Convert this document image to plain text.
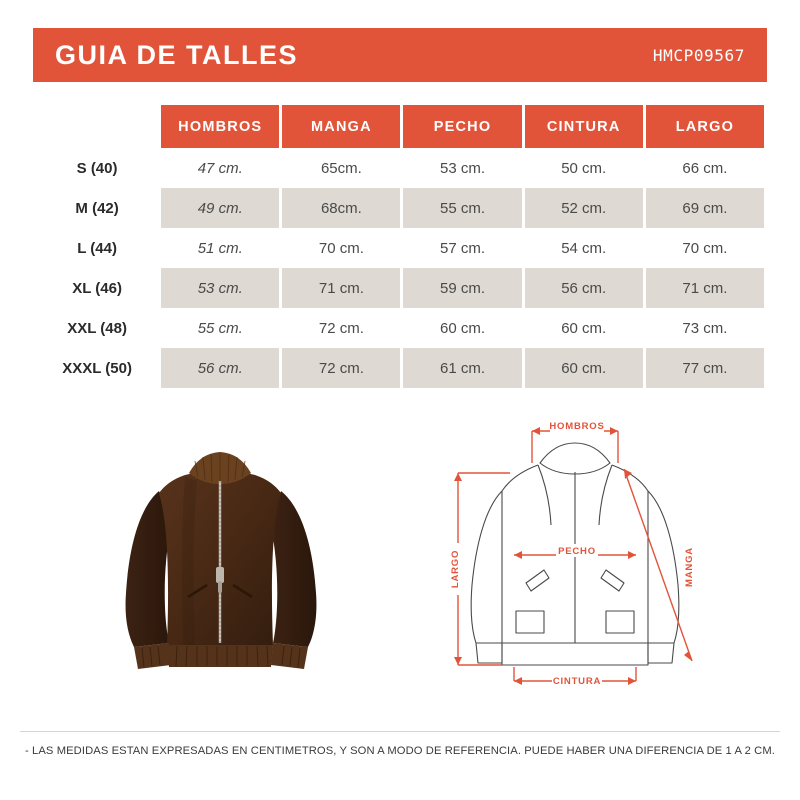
GUIA DE TALLES	HMCP09567
	HOMBROS	MANGA	PECHO	CINTURA	LARGO
S (40)	47 cm.	65cm.	53 cm.	50 cm.	66 cm.
M (42)	49 cm.	68cm.	55 cm.	52 cm.	69 cm.
L (44)	51 cm.	70 cm.	57 cm.	54 cm.	70 cm.
XL (46)	53 cm.	71 cm.	59 cm.	56 cm.	71 cm.
XXL (48)	55 cm.	72 cm.	60 cm.	60 cm.	73 cm.
XXXL (50)	56 cm.	72 cm.	61 cm.	60 cm.	77 cm.
HOMBROS
LARGO	PECHO
CINTURA
MANGA
- LAS MEDIDAS ESTAN EXPRESADAS EN CENTIMETROS, Y SON A MODO DE REFERENCIA. PUEDE HABER UNA DIFERENCIA DE 1 A 2 CM.
